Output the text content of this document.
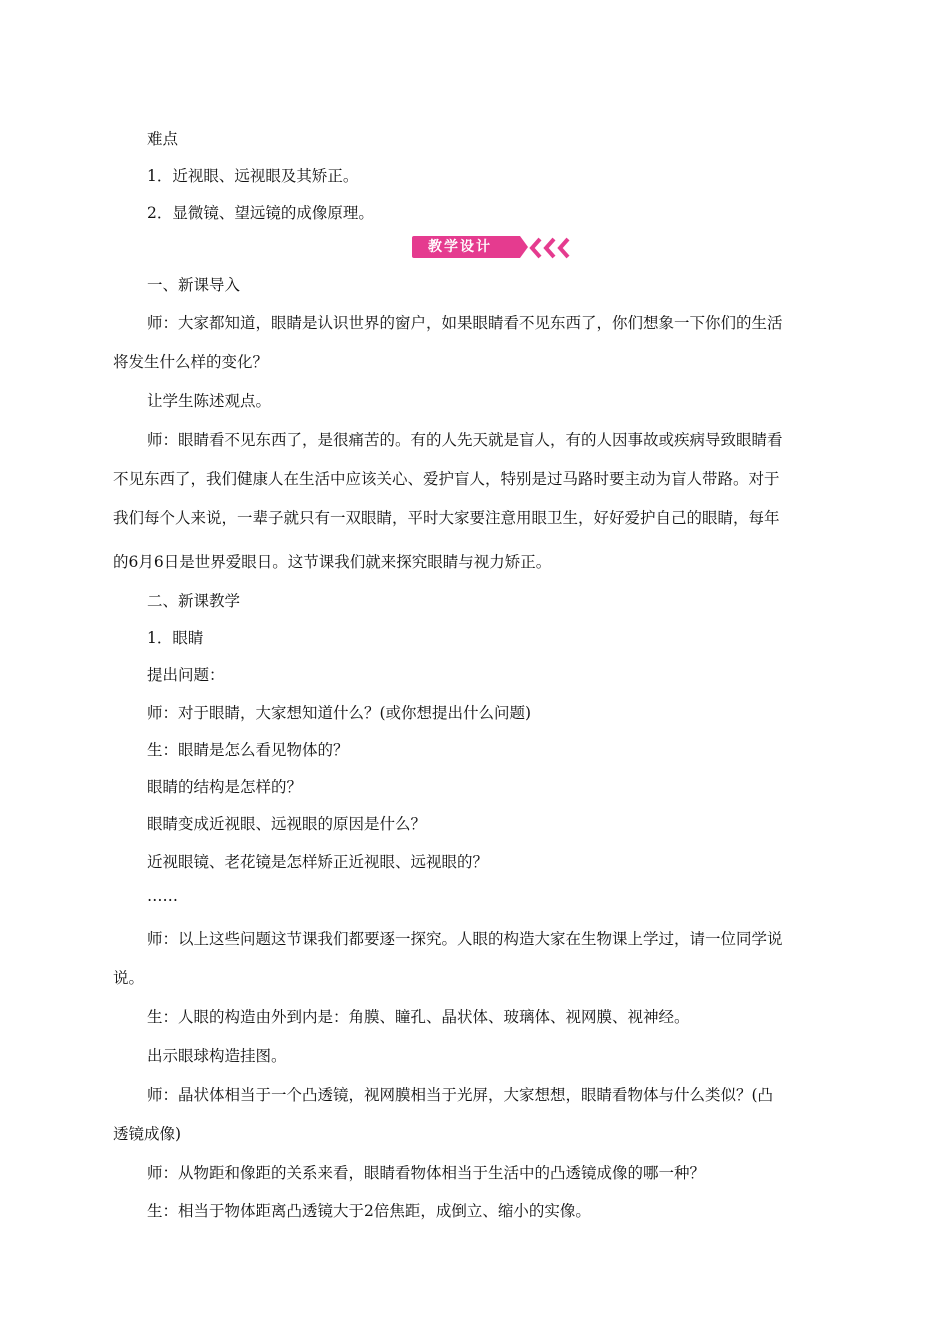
难点
1．近视眼、远视眼及其矫正。
2．显微镜、望远镜的成像原理。
教学设计
一、新课导入
师：大家都知道，眼睛是认识世界的窗户，如果眼睛看不见东西了，你们想象一下你们的生活
将发生什么样的变化？
让学生陈述观点。
师：眼睛看不见东西了，是很痛苦的。有的人先天就是盲人，有的人因事故或疾病导致眼睛看
不见东西了，我们健康人在生活中应该关心、爱护盲人，特别是过马路时要主动为盲人带路。对于
我们每个人来说，一辈子就只有一双眼睛，平时大家要注意用眼卫生，好好爱护自己的眼睛，每年
的6月6日是世界爱眼日。这节课我们就来探究眼睛与视力矫正。
二、新课教学
1．眼睛
提出问题：
师：对于眼睛，大家想知道什么？(或你想提出什么问题)
生：眼睛是怎么看见物体的？
眼睛的结构是怎样的？
眼睛变成近视眼、远视眼的原因是什么？
近视眼镜、老花镜是怎样矫正近视眼、远视眼的？
……
师：以上这些问题这节课我们都要逐一探究。人眼的构造大家在生物课上学过，请一位同学说
说。
生：人眼的构造由外到内是：角膜、瞳孔、晶状体、玻璃体、视网膜、视神经。
出示眼球构造挂图。
师：晶状体相当于一个凸透镜，视网膜相当于光屏，大家想想，眼睛看物体与什么类似？(凸
透镜成像)
师：从物距和像距的关系来看，眼睛看物体相当于生活中的凸透镜成像的哪一种？
生：相当于物体距离凸透镜大于2倍焦距，成倒立、缩小的实像。
